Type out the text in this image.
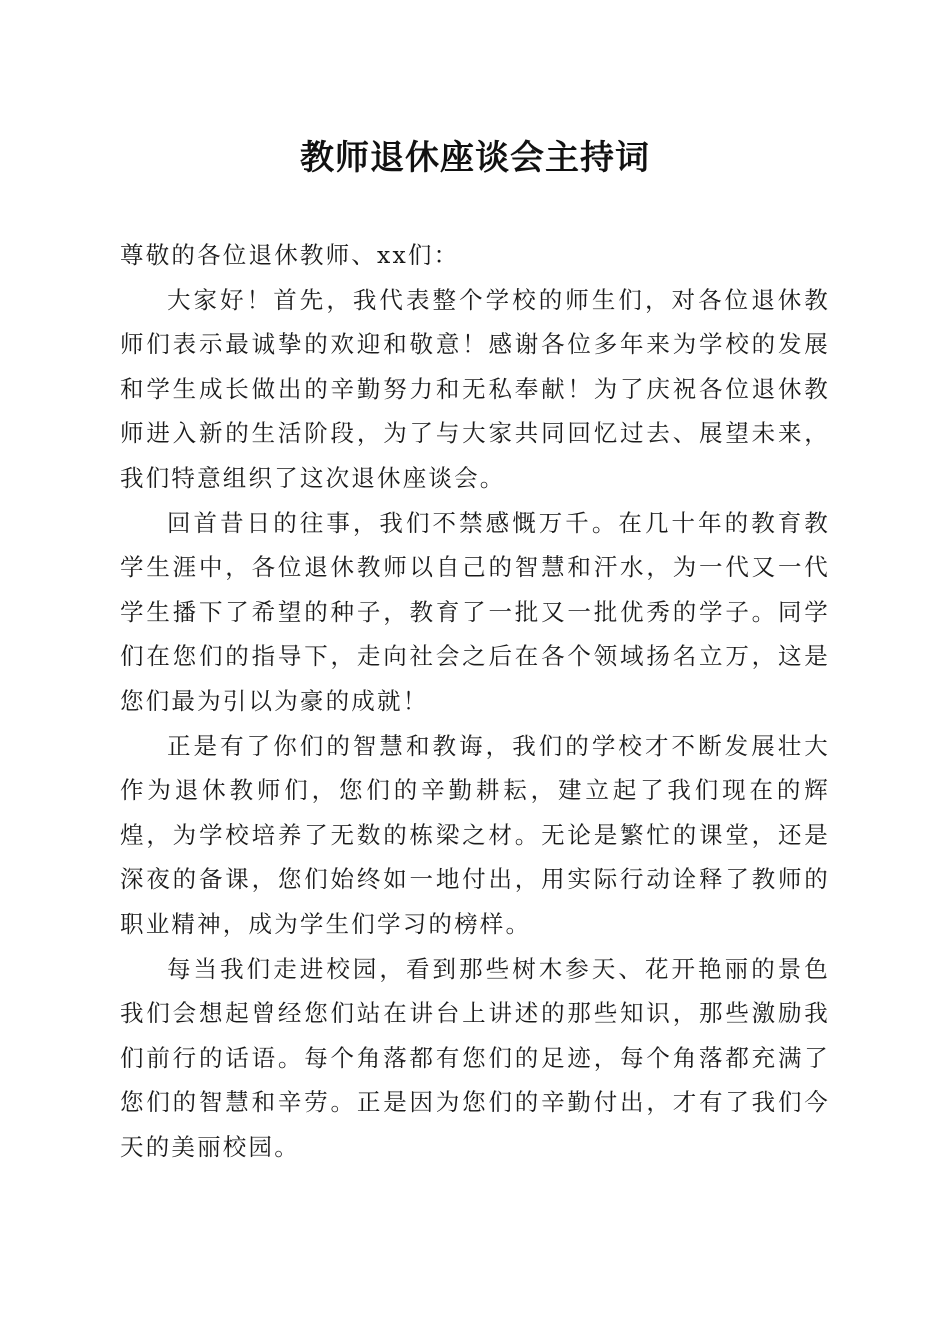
教师退休座谈会主持词

尊敬的各位退休教师、xx们：

大家好！首先，我代表整个学校的师生们，对各位退休教师们表示最诚挚的欢迎和敬意！感谢各位多年来为学校的发展和学生成长做出的辛勤努力和无私奉献！为了庆祝各位退休教师进入新的生活阶段，为了与大家共同回忆过去、展望未来，我们特意组织了这次退休座谈会。

回首昔日的往事，我们不禁感慨万千。在几十年的教育教学生涯中，各位退休教师以自己的智慧和汗水，为一代又一代学生播下了希望的种子，教育了一批又一批优秀的学子。同学们在您们的指导下，走向社会之后在各个领域扬名立万，这是您们最为引以为豪的成就！

正是有了你们的智慧和教诲，我们的学校才不断发展壮大作为退休教师们，您们的辛勤耕耘，建立起了我们现在的辉煌，为学校培养了无数的栋梁之材。无论是繁忙的课堂，还是深夜的备课，您们始终如一地付出，用实际行动诠释了教师的职业精神，成为学生们学习的榜样。

每当我们走进校园，看到那些树木参天、花开艳丽的景色我们会想起曾经您们站在讲台上讲述的那些知识，那些激励我们前行的话语。每个角落都有您们的足迹，每个角落都充满了您们的智慧和辛劳。正是因为您们的辛勤付出，才有了我们今天的美丽校园。
